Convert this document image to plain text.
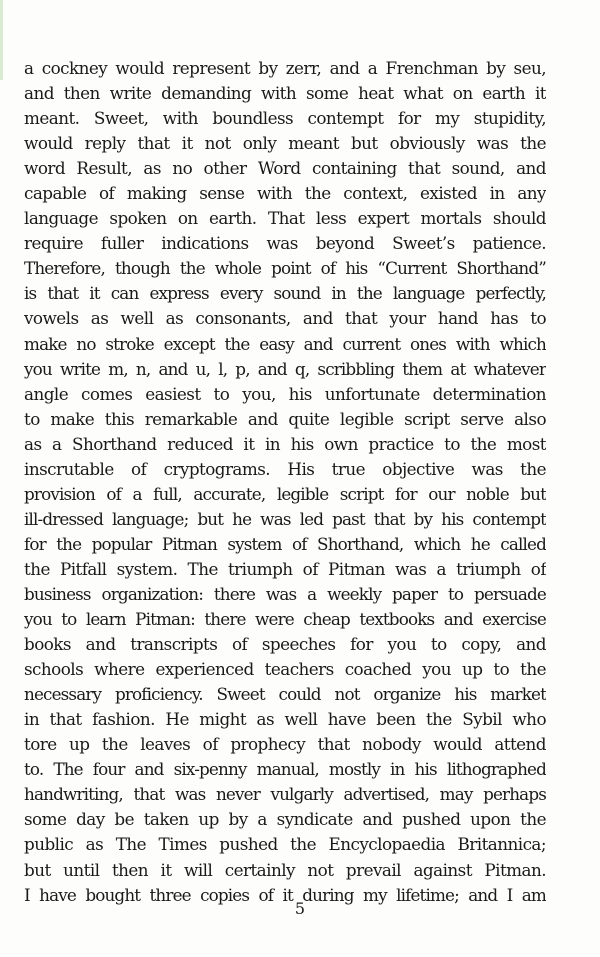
a cockney would represent by zerr, and a Frenchman by seu,
and then write demanding with some heat what on earth it
meant. Sweet, with boundless contempt for my stupidity,
would reply that it not only meant but obviously was the
word Result, as no other Word containing that sound, and
capable of making sense with the context, existed in any
language spoken on earth. That less expert mortals should
require fuller indications was beyond Sweet’s patience.
Therefore, though the whole point of his “Current Shorthand”
is that it can express every sound in the language perfectly,
vowels as well as consonants, and that your hand has to
make no stroke except the easy and current ones with which
you write m, n, and u, l, p, and q, scribbling them at whatever
angle comes easiest to you, his unfortunate determination
to make this remarkable and quite legible script serve also
as a Shorthand reduced it in his own practice to the most
inscrutable of cryptograms. His true objective was the
provision of a full, accurate, legible script for our noble but
ill-dressed language; but he was led past that by his contempt
for the popular Pitman system of Shorthand, which he called
the Pitfall system. The triumph of Pitman was a triumph of
business organization: there was a weekly paper to persuade
you to learn Pitman: there were cheap textbooks and exercise
books and transcripts of speeches for you to copy, and
schools where experienced teachers coached you up to the
necessary proficiency. Sweet could not organize his market
in that fashion. He might as well have been the Sybil who
tore up the leaves of prophecy that nobody would attend
to. The four and six-penny manual, mostly in his lithographed
handwriting, that was never vulgarly advertised, may perhaps
some day be taken up by a syndicate and pushed upon the
public as The Times pushed the Encyclopaedia Britannica;
but until then it will certainly not prevail against Pitman.
I have bought three copies of it during my lifetime; and I am
5
